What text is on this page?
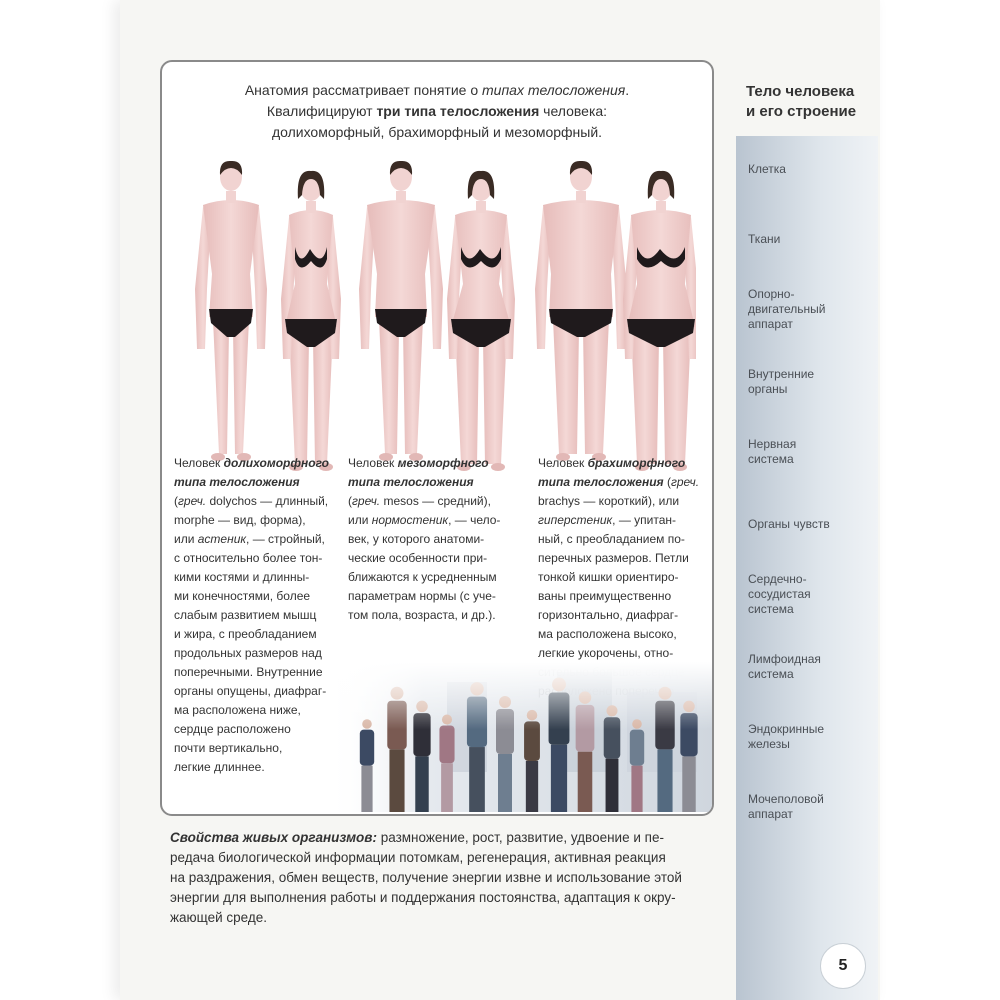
Анатомия рассматривает понятие о типах телосложения.
Квалифицируют три типа телосложения человека:
долихоморфный, брахиморфный и мезоморфный.
Человек долихоморфного
типа телосложения
(греч. dolychos — длинный,
morphe — вид, форма),
или астеник, — стройный,
с относительно более тон-
кими костями и длинны-
ми конечностями, более
слабым развитием мышц
и жира, с преобладанием
продольных размеров над
поперечными. Внутренние
органы опущены, диафраг-
ма расположена ниже,
сердце расположено
почти вертикально,
легкие длиннее.
Человек мезоморфного
типа телосложения
(греч. mesos — средний),
или нормостеник, — чело-
век, у которого анатоми-
ческие особенности при-
ближаются к усредненным
параметрам нормы (с уче-
том пола, возраста, и др.).
Человек брахиморфного
типа телосложения (греч.
brachys — короткий), или
гиперстеник, — упитан-
ный, с преобладанием по-
перечных размеров. Петли
тонкой кишки ориентиро-
ваны преимущественно
горизонтально, диафраг-
ма расположена высоко,
легкие укорочены, отно-
Свойства живых организмов: размножение, рост, развитие, удвоение и пе-
редача биологической информации потомкам, регенерация, активная реакция
на раздражения, обмен веществ, получение энергии извне и использование этой
энергии для выполнения работы и поддержания постоянства, адаптация к окру-
жающей среде.
Тело человека
и его строение
Клетка
Ткани
Опорно-
двигательный
аппарат
Внутренние
органы
Нервная
система
Органы чувств
Сердечно-
сосудистая
система
Лимфоидная
система
Эндокринные
железы
Мочеполовой
аппарат
5
